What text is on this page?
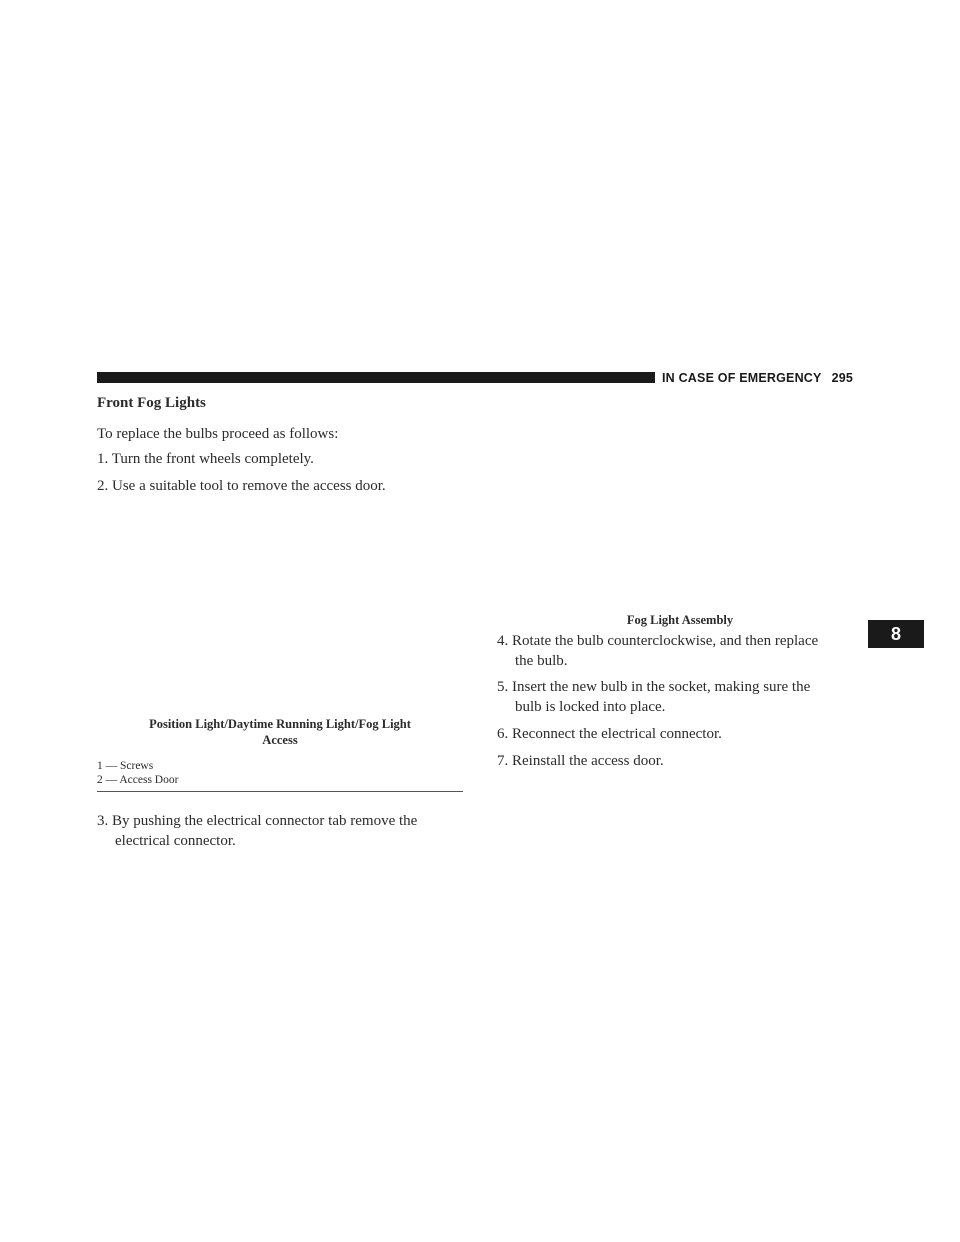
IN CASE OF EMERGENCY 295
Front Fog Lights
To replace the bulbs proceed as follows:
1. Turn the front wheels completely.
2. Use a suitable tool to remove the access door.
Position Light/Daytime Running Light/Fog Light
Access
1 — Screws
2 — Access Door
3. By pushing the electrical connector tab remove the
electrical connector.
Fog Light Assembly
4. Rotate the bulb counterclockwise, and then replace
the bulb.
5. Insert the new bulb in the socket, making sure the
bulb is locked into place.
6. Reconnect the electrical connector.
7. Reinstall the access door.
8
